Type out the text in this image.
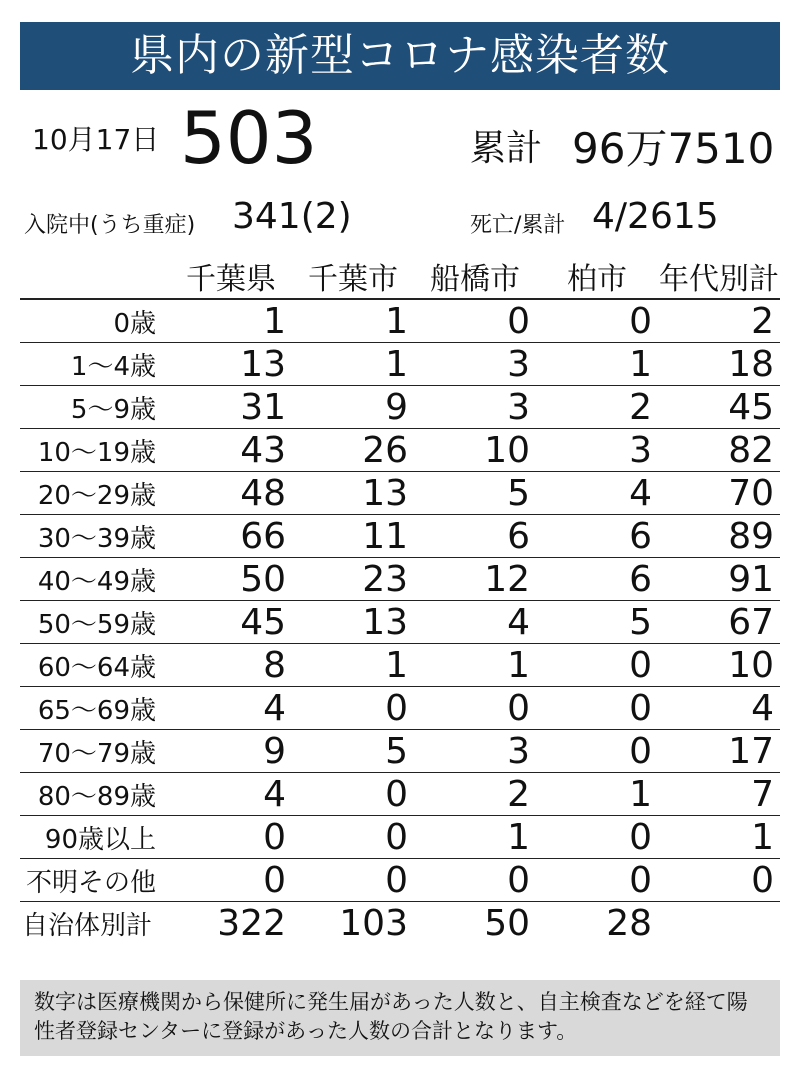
県内の新型コロナ感染者数
10月17日 503	累計 96万7510
入院中(うち重症) 341(2)	死亡/累計 4/2615
	千葉県	千葉市	船橋市	柏市	年代別計
0歳	1	1	0	0	2
1～4歳	13	1	3	1	18
5～9歳	31	9	3	2	45
10～19歳	43	26	10	3	82
20～29歳	48	13	5	4	70
30～39歳	66	11	6	6	89
40～49歳	50	23	12	6	91
50～59歳	45	13	4	5	67
60～64歳	8	1	1	0	10
65～69歳	4	0	0	0	4
70～79歳	9	5	3	0	17
80～89歳	4	0	2	1	7
90歳以上	0	0	1	0	1
不明その他	0	0	0	0	0
自治体別計	322	103	50	28	
数字は医療機関から保健所に発生届があった人数と、自主検査などを経て陽性者登録センターに登録があった人数の合計となります。
